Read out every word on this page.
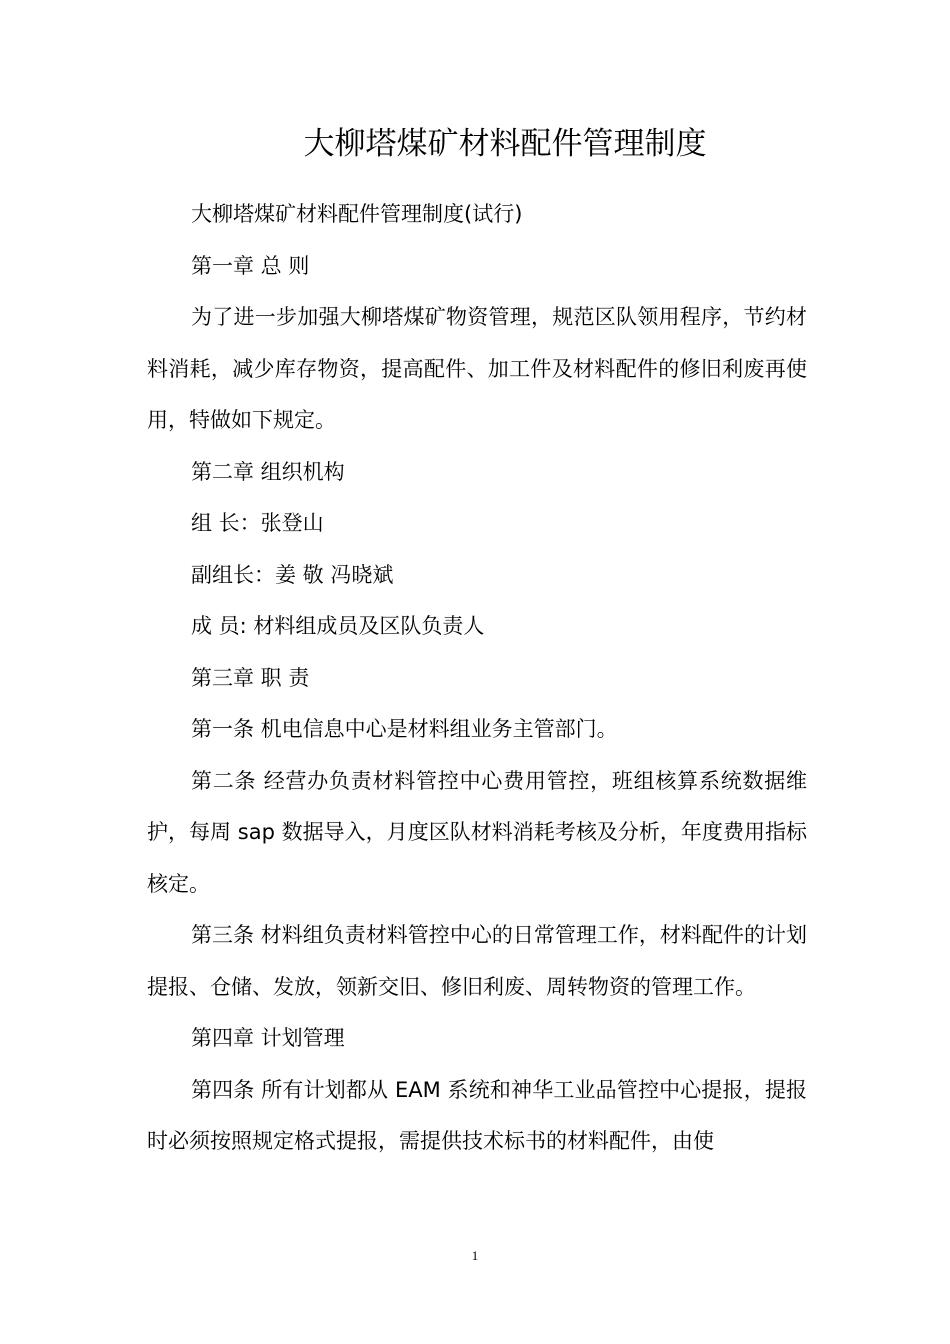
大柳塔煤矿材料配件管理制度

大柳塔煤矿材料配件管理制度(试行)

第一章 总 则

为了进一步加强大柳塔煤矿物资管理，规范区队领用程序，节约材料消耗，减少库存物资，提高配件、加工件及材料配件的修旧利废再使用，特做如下规定。

第二章 组织机构

组 长：张登山

副组长：姜 敬 冯晓斌

成 员: 材料组成员及区队负责人

第三章 职 责

第一条 机电信息中心是材料组业务主管部门。

第二条 经营办负责材料管控中心费用管控，班组核算系统数据维护，每周 sap 数据导入，月度区队材料消耗考核及分析，年度费用指标核定。

第三条 材料组负责材料管控中心的日常管理工作，材料配件的计划提报、仓储、发放，领新交旧、修旧利废、周转物资的管理工作。

第四章 计划管理

第四条 所有计划都从 EAM 系统和神华工业品管控中心提报，提报时必须按照规定格式提报，需提供技术标书的材料配件，由使

1
